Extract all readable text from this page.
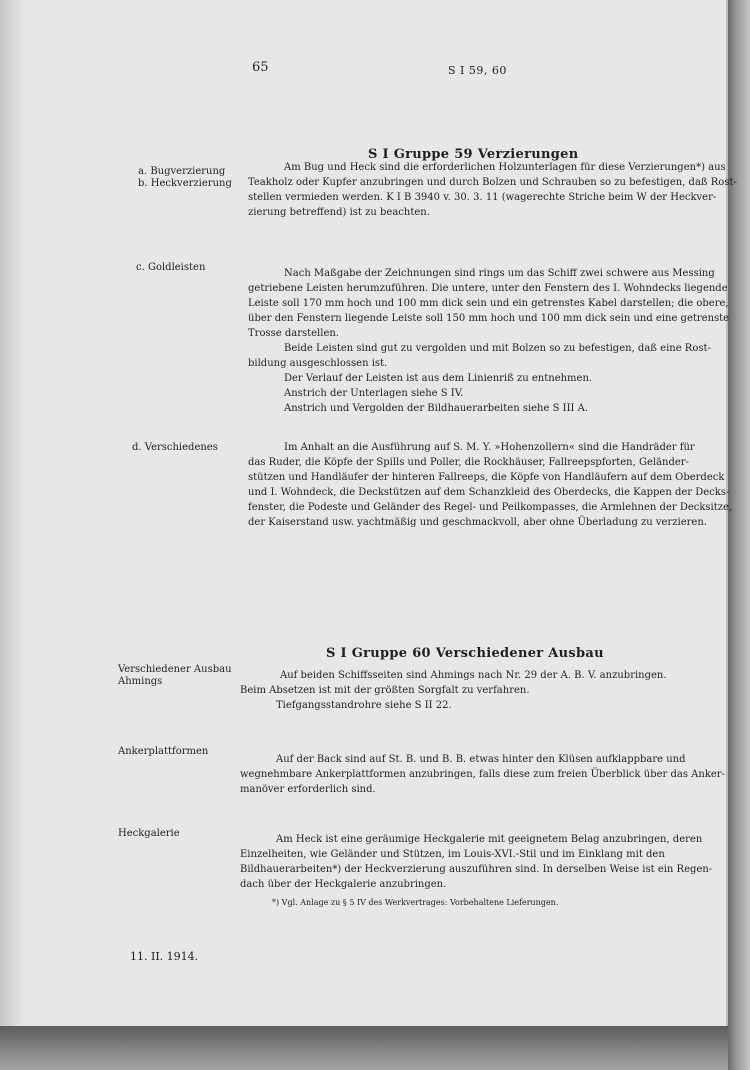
65	S I 59, 60
S I Gruppe 59 Verzierungen
a. Bugverzierung
b. Heckverzierung
Am Bug und Heck sind die erforderlichen Holzunterlagen für diese Verzierungen*) aus
Teakholz oder Kupfer anzubringen und durch Bolzen und Schrauben so zu befestigen, daß Rost-
stellen vermieden werden. K I B 3940 v. 30. 3. 11 (wagerechte Striche beim W der Heckver-
zierung betreffend) ist zu beachten.
c. Goldleisten
Nach Maßgabe der Zeichnungen sind rings um das Schiff zwei schwere aus Messing
getriebene Leisten herumzuführen. Die untere, unter den Fenstern des I. Wohndecks liegende
Leiste soll 170 mm hoch und 100 mm dick sein und ein getrenstes Kabel darstellen; die obere,
über den Fenstern liegende Leiste soll 150 mm hoch und 100 mm dick sein und eine getrenste
Trosse darstellen.
Beide Leisten sind gut zu vergolden und mit Bolzen so zu befestigen, daß eine Rost-
bildung ausgeschlossen ist.
Der Verlauf der Leisten ist aus dem Linienriß zu entnehmen.
Anstrich der Unterlagen siehe S IV.
Anstrich und Vergolden der Bildhauerarbeiten siehe S III A.
d. Verschiedenes	Im Anhalt an die Ausführung auf S. M. Y. »Hohenzollern« sind die Handräder für
das Ruder, die Köpfe der Spills und Poller, die Rockhäuser, Fallreepspforten, Geländer-
stützen und Handläufer der hinteren Fallreeps, die Köpfe von Handläufern auf dem Oberdeck
und I. Wohndeck, die Deckstützen auf dem Schanzkleid des Oberdecks, die Kappen der Decks-
fenster, die Podeste und Geländer des Regel- und Peilkompasses, die Armlehnen der Decksitze,
der Kaiserstand usw. yachtmäßig und geschmackvoll, aber ohne Überladung zu verzieren.
S I Gruppe 60 Verschiedener Ausbau
Verschiedener Ausbau
Ahmings
Auf beiden Schiffsseiten sind Ahmings nach Nr. 29 der A. B. V. anzubringen.
Beim Absetzen ist mit der größten Sorgfalt zu verfahren.
Tiefgangsstandrohre siehe S II 22.
Ankerplattformen
Auf der Back sind auf St. B. und B. B. etwas hinter den Klüsen aufklappbare und
wegnehmbare Ankerplattformen anzubringen, falls diese zum freien Überblick über das Anker-
manöver erforderlich sind.
Heckgalerie
Am Heck ist eine geräumige Heckgalerie mit geeignetem Belag anzubringen, deren
Einzelheiten, wie Geländer und Stützen, im Louis-XVI.-Stil und im Einklang mit den
Bildhauerarbeiten*) der Heckverzierung auszuführen sind. In derselben Weise ist ein Regen-
dach über der Heckgalerie anzubringen.
*) Vgl. Anlage zu § 5 IV des Werkvertrages: Vorbehaltene Lieferungen.
11. II. 1914.
